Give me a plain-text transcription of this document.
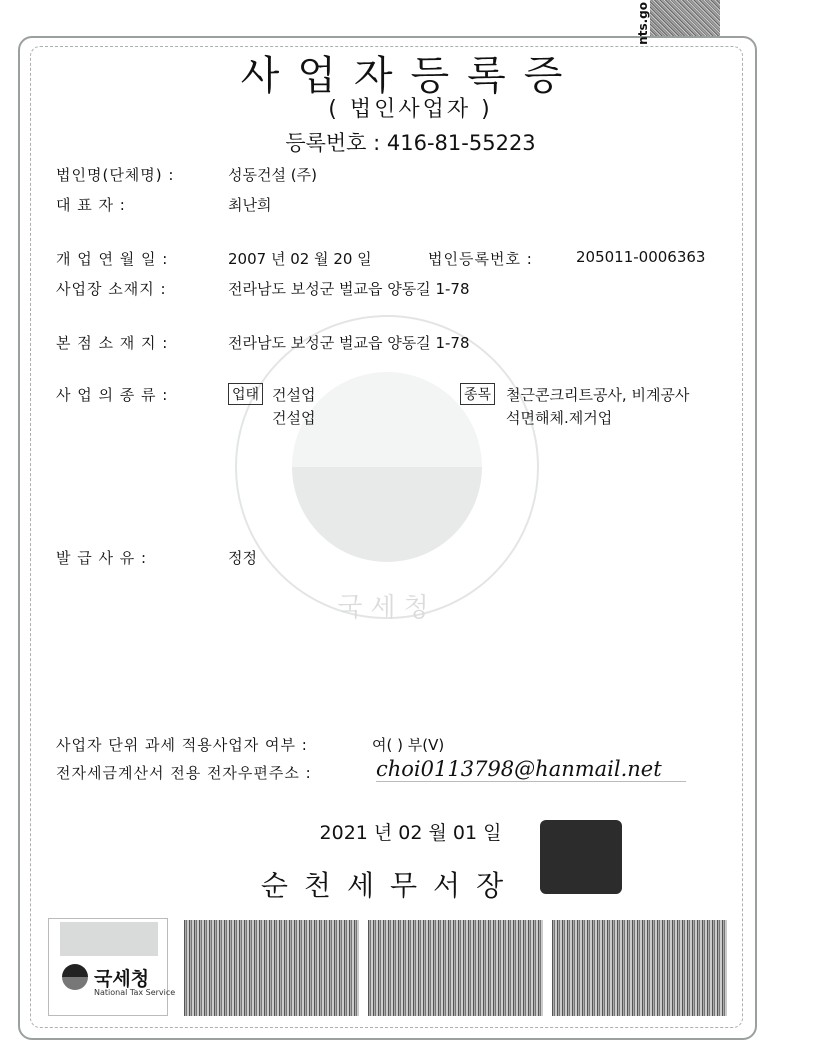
nts.go
국세청
사업자등록증
( 법인사업자 )
등록번호 : 416-81-55223
법인명(단체명) :	성동건설 (주)
대 표 자 :	최난희
개 업 연 월 일 :	2007 년 02 월 20 일	법인등록번호 :	205011-0006363
사업장 소재지 :	전라남도 보성군 벌교읍 양동길 1-78
본 점 소 재 지 :	전라남도 보성군 벌교읍 양동길 1-78
사 업 의 종 류 :	업태 건설업
건설업
종목 철근콘크리트공사, 비계공사
석면해체.제거업
발 급 사 유 :	정정
사업자 단위 과세 적용사업자 여부 :	여( ) 부(V)
전자세금계산서 전용 전자우편주소 :	choi0113798@hanmail.net
2021 년 02 월 01 일
순천세무서장
국세청
National Tax Service
